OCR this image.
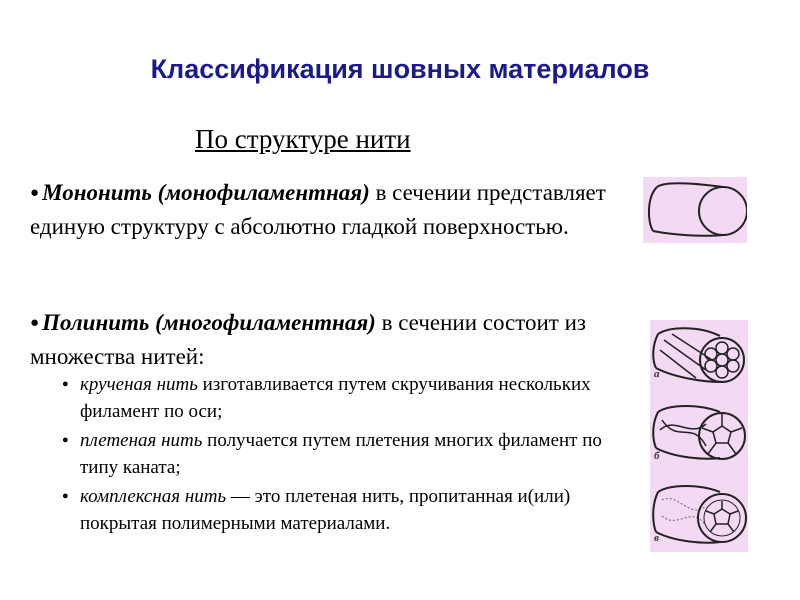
Классификация шовных материалов
По структуре нити
● Мононить (монофиламентная) в сечении представляет единую структуру с абсолютно гладкой поверхностью.
● Полинить (многофиламентная) в сечении состоит из множества нитей:
● крученая нить изготавливается путем скручивания нескольких филамент по оси;
● плетеная нить получается путем плетения многих филамент по типу каната;
● комплексная нить — это плетеная нить, пропитанная и(или) покрытая полимерными материалами.
а
б
в
